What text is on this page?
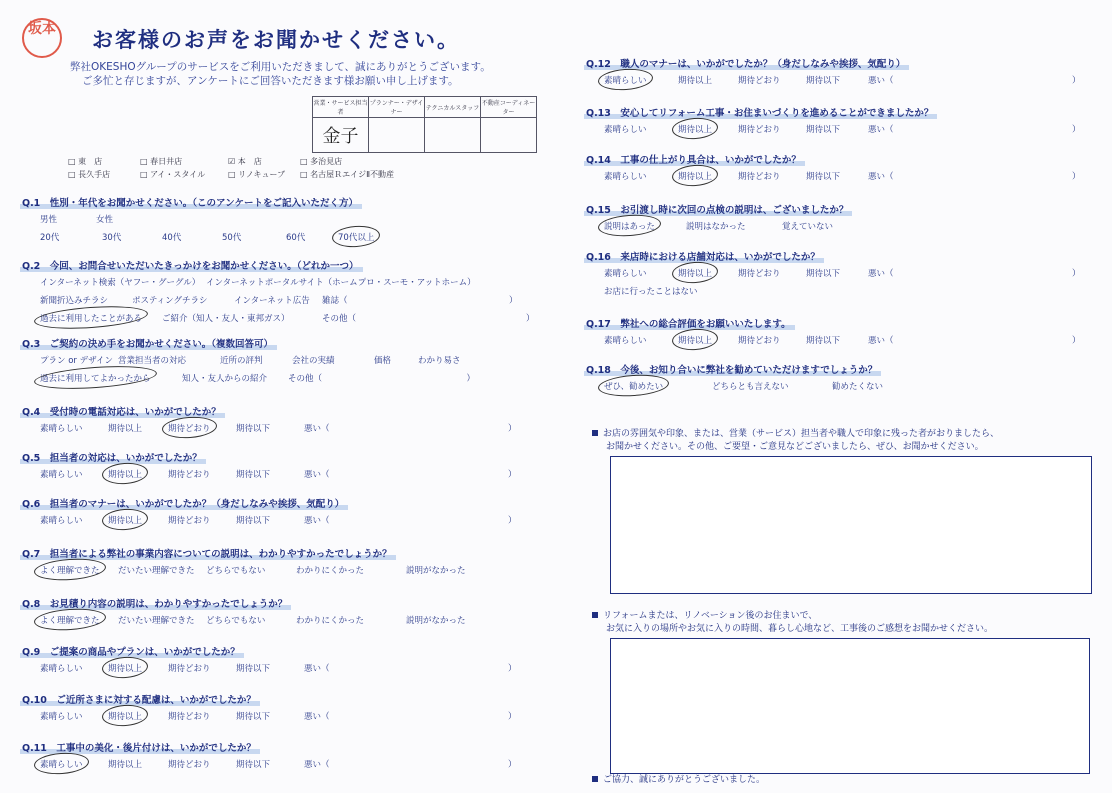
坂本 お客様のお声をお聞かせください。
弊社OKESHOグループのサービスをご利用いただきまして、誠にありがとうございます。
ご多忙と存じますが、アンケートにご回答いただきます様お願い申し上げます。
営業・サービス担当者	プランナー・デザイナー	テクニカルスタッフ	不動産コーディネーター
金子			
□ 東　店	□ 春日井店	☑ 本　店	□ 多治見店
□ 長久手店	□ アイ・スタイル	□ リノキューブ □ 名古屋ＲエイジⅡ不動産
Q.1　性別・年代をお聞かせください。（このアンケートをご記入いただく方）
男性	女性
20代	30代	40代	50代	60代	70代以上
Q.2　今回、お問合せいただいたきっかけをお聞かせください。（どれか一つ）
インターネット検索（ヤフー・グーグル） インターネットポータルサイト（ホームプロ・スーモ・アットホーム）
新聞折込みチラシ	ポスティングチラシ	インターネット広告 雑誌（　　　　　　　　　　　　　　　　　　　）
過去に利用したことがある ご紹介（知人・友人・東邦ガス）	その他（　　　　　　　　　　　　　　　　　　　　）
Q.3　ご契約の決め手をお聞かせください。（複数回答可）
プラン or デザイン 営業担当者の対応	近所の評判	会社の実績	価格	わかり易さ
過去に利用してよかったから	知人・友人からの紹介 その他（　　　　　　　　　　　　　　　　　）
Q.4　受付時の電話対応は、いかがでしたか？
素晴らしい	期待以上	期待どおり	期待以下	悪い（　　　　　　　　　　　　　　　　　　　　　）
Q.5　担当者の対応は、いかがでしたか？
素晴らしい	期待以上	期待どおり	期待以下	悪い（　　　　　　　　　　　　　　　　　　　　　）
Q.6　担当者のマナーは、いかがでしたか？（身だしなみや挨拶、気配り）
素晴らしい	期待以上	期待どおり	期待以下	悪い（　　　　　　　　　　　　　　　　　　　　　）
Q.7　担当者による弊社の事業内容についての説明は、わかりやすかったでしょうか？
よく理解できた だいたい理解できた どちらでもない	わかりにくかった	説明がなかった
Q.8　お見積り内容の説明は、わかりやすかったでしょうか？
よく理解できた だいたい理解できた どちらでもない	わかりにくかった	説明がなかった
Q.9　ご提案の商品やプランは、いかがでしたか？
素晴らしい	期待以上	期待どおり	期待以下	悪い（　　　　　　　　　　　　　　　　　　　　　）
Q.10　ご近所さまに対する配慮は、いかがでしたか？
素晴らしい	期待以上	期待どおり	期待以下	悪い（　　　　　　　　　　　　　　　　　　　　　）
Q.11　工事中の美化・後片付けは、いかがでしたか？
素晴らしい	期待以上	期待どおり	期待以下	悪い（　　　　　　　　　　　　　　　　　　　　　）
Q.12　職人のマナーは、いかがでしたか？（身だしなみや挨拶、気配り）
素晴らしい	期待以上	期待どおり	期待以下	悪い（　　　　　　　　　　　　　　　　　　　　　）
Q.13　安心してリフォーム工事・お住まいづくりを進めることができましたか？
素晴らしい	期待以上	期待どおり	期待以下	悪い（　　　　　　　　　　　　　　　　　　　　　）
Q.14　工事の仕上がり具合は、いかがでしたか？
素晴らしい	期待以上	期待どおり	期待以下	悪い（　　　　　　　　　　　　　　　　　　　　　）
Q.15　お引渡し時に次回の点検の説明は、ございましたか？
説明はあった	説明はなかった	覚えていない
Q.16　来店時における店舗対応は、いかがでしたか？
素晴らしい	期待以上	期待どおり	期待以下	悪い（　　　　　　　　　　　　　　　　　　　　　）
お店に行ったことはない
Q.17　弊社への総合評価をお願いいたします。
素晴らしい	期待以上	期待どおり	期待以下	悪い（　　　　　　　　　　　　　　　　　　　　　）
Q.18　今後、お知り合いに弊社を勧めていただけますでしょうか？
ぜひ、勧めたい	どちらとも言えない	勧めたくない
お店の雰囲気や印象、または、営業（サービス）担当者や職人で印象に残った者がおりましたら、
お聞かせください。その他、ご要望・ご意見などございましたら、ぜひ、お聞かせください。
リフォームまたは、リノベーション後のお住まいで、
お気に入りの場所やお気に入りの時間、暮らし心地など、工事後のご感想をお聞かせください。
ご協力、誠にありがとうございました。
